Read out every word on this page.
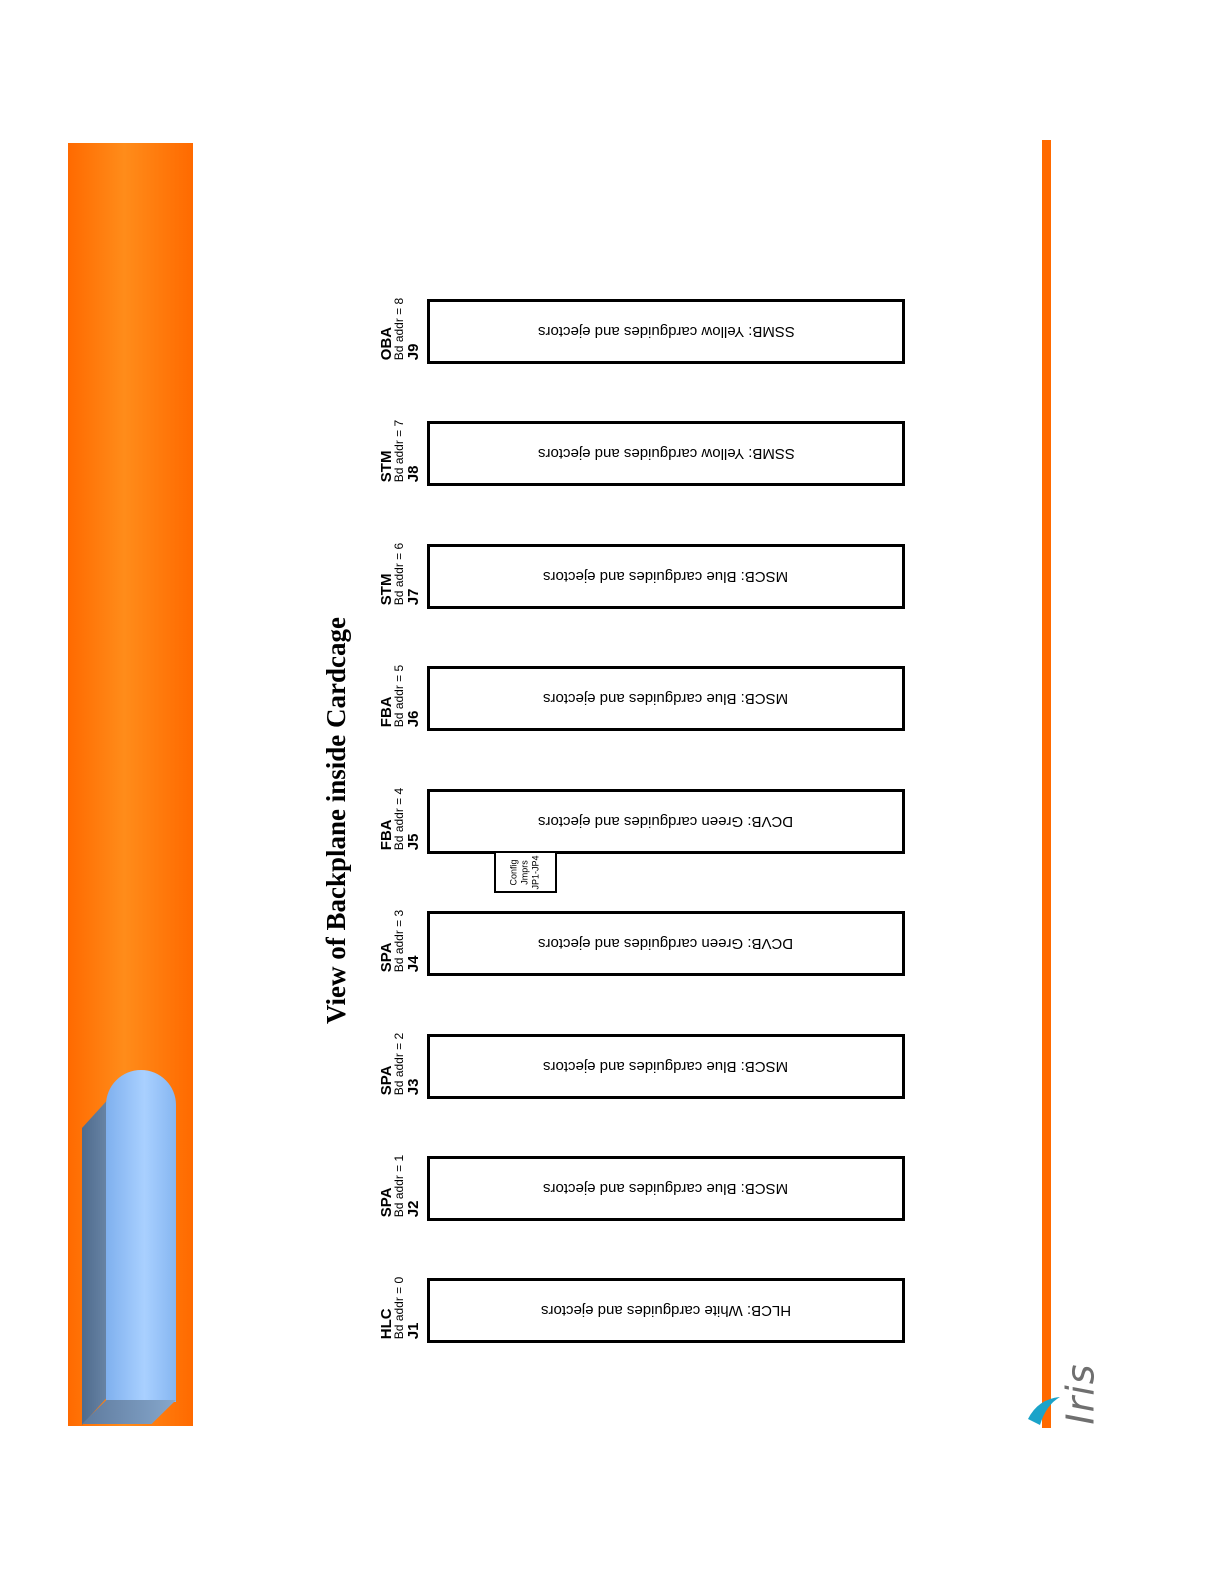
Iris
View of Backplane inside Cardcage
HLC
Bd addr = 0 J1
HLCB: White cardguides and ejectors
SPA
Bd addr = 1 J2
MSCB: Blue cardguides and ejectors
SPA
Bd addr = 2 J3
MSCB: Blue cardguides and ejectors
SPA
Bd addr = 3 J4
DCVB: Green cardguides and ejectors
FBA
Bd addr = 4 J5
DCVB: Green cardguides and ejectors
Config Jmprs JP1-JP4
FBA
Bd addr = 5 J6
MSCB: Blue cardguides and ejectors
STM
Bd addr = 6 J7
MSCB: Blue cardguides and ejectors
STM
Bd addr = 7 J8
SSMB: Yellow cardguides and ejectors
OBA
Bd addr = 8 J9
SSMB: Yellow cardguides and ejectors
